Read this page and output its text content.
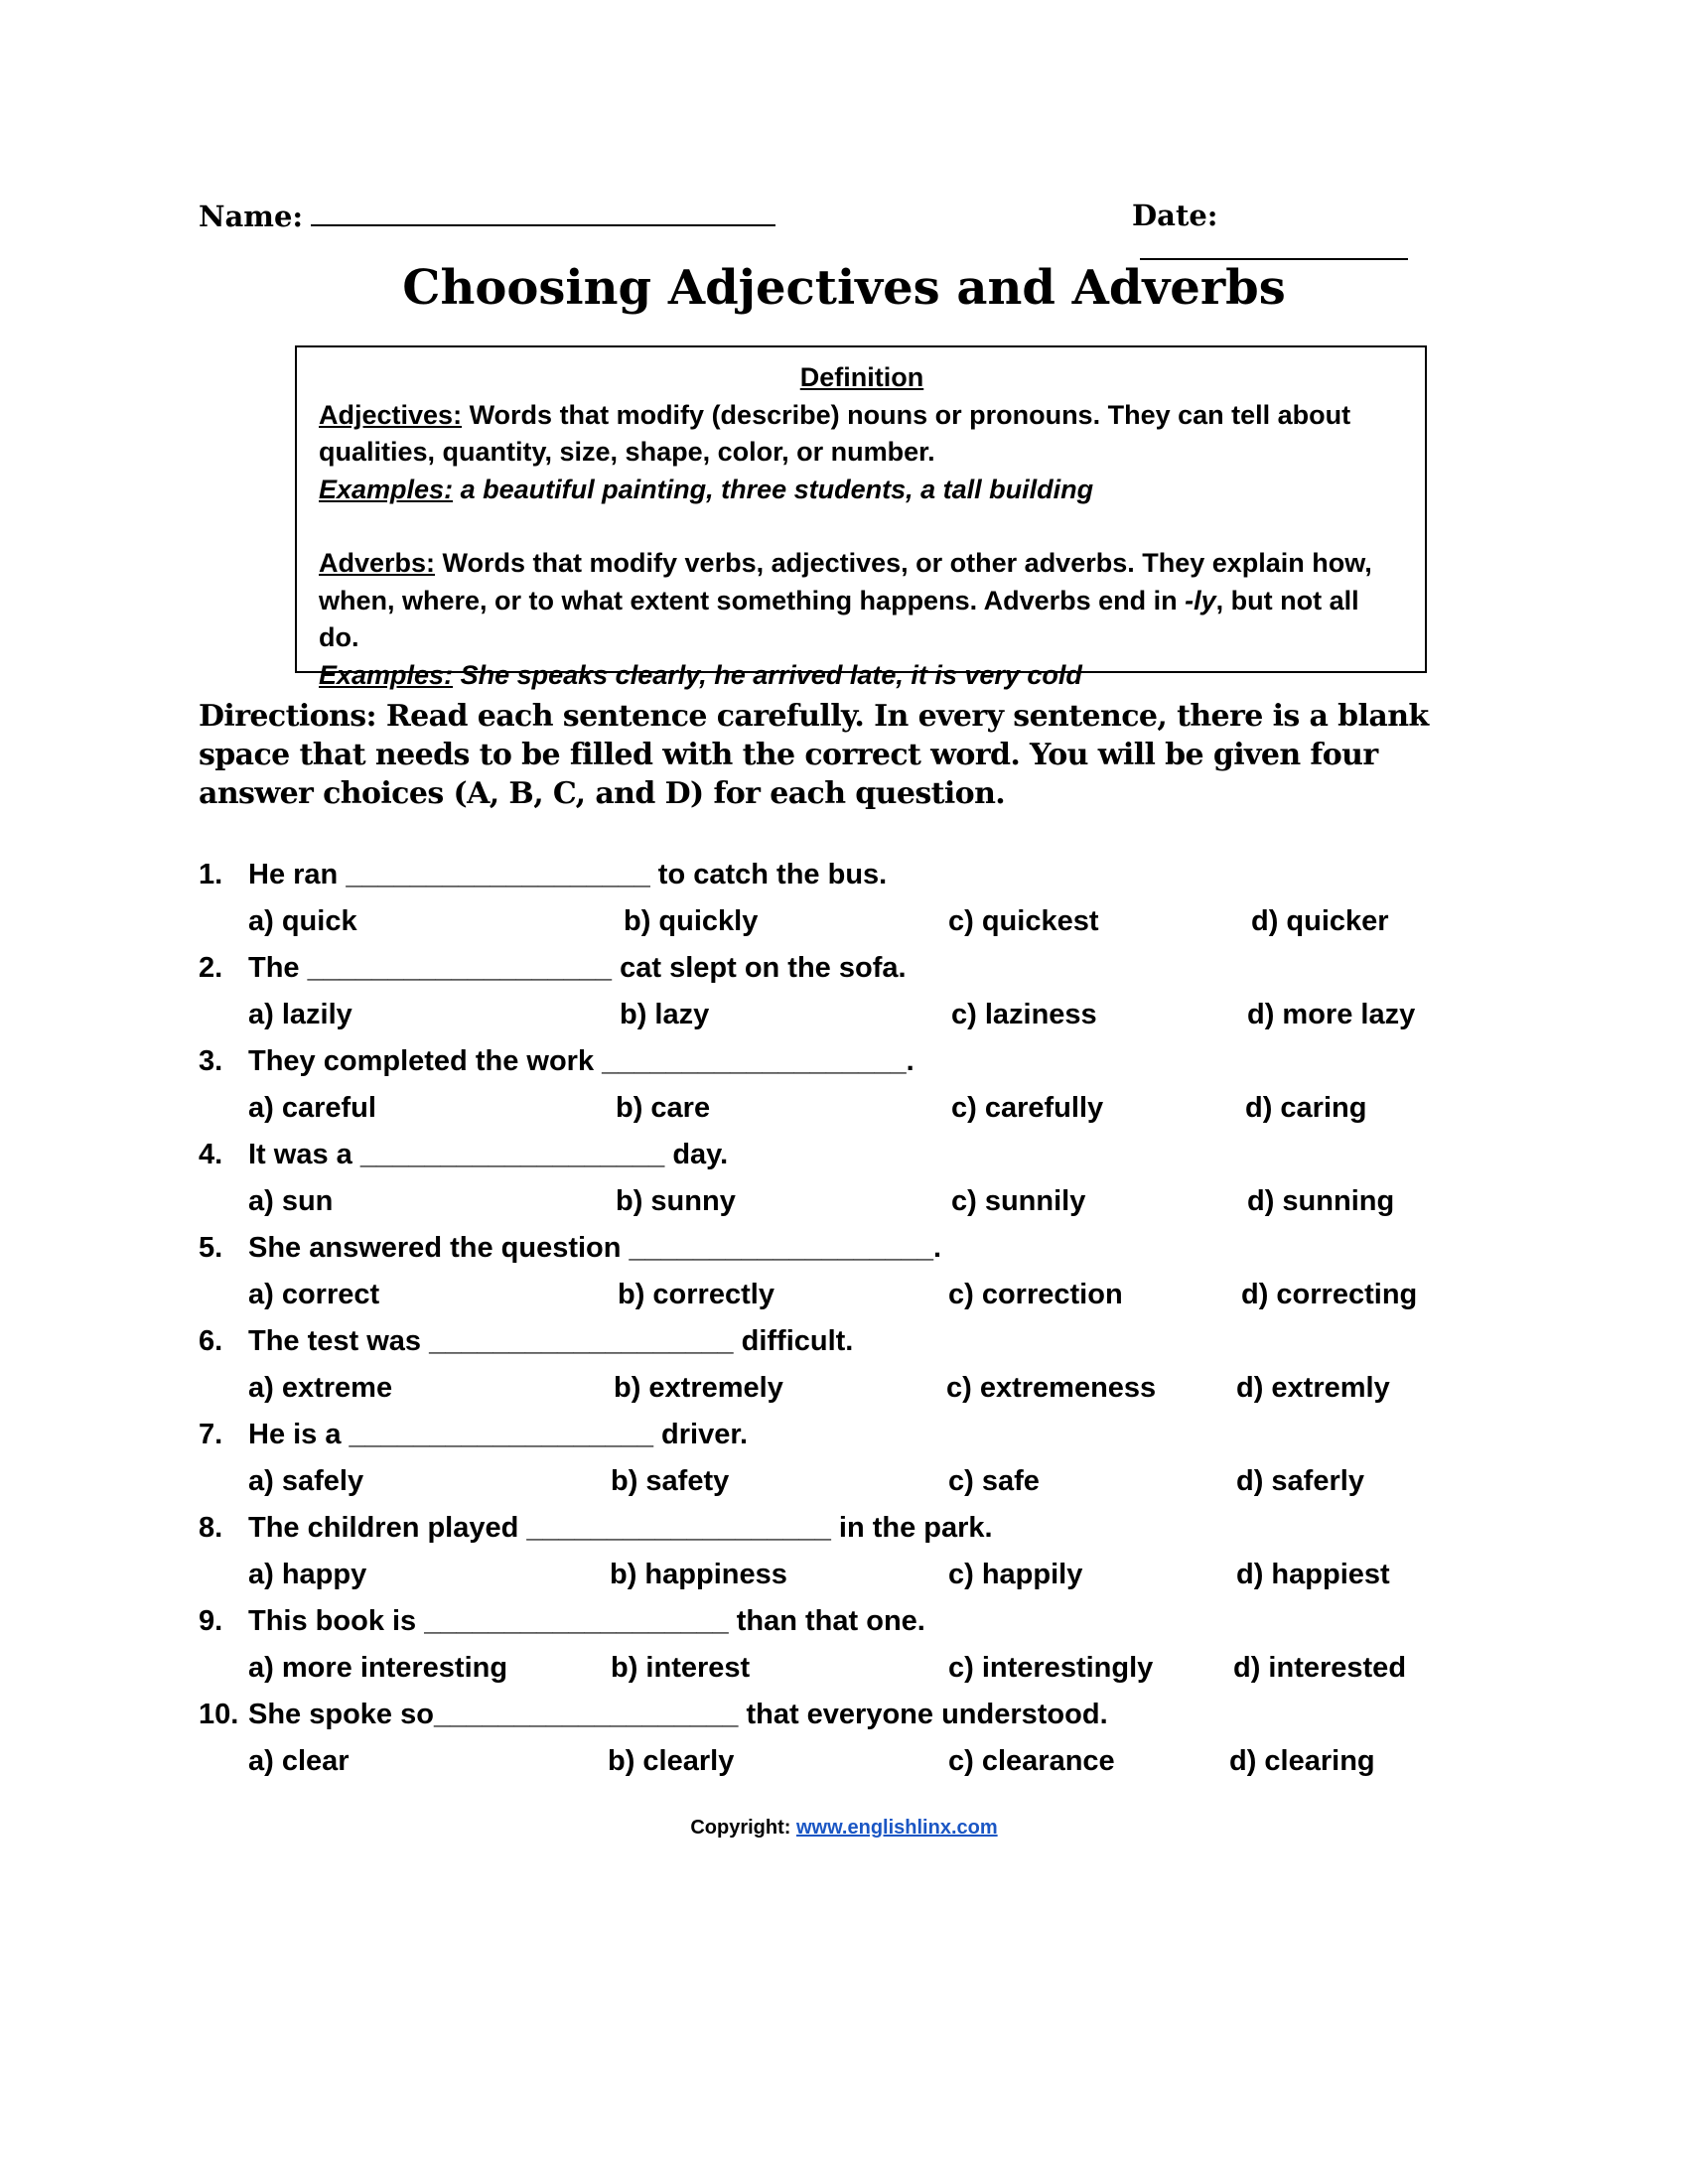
Name:	Date:
Choosing Adjectives and Adverbs
Definition
Adjectives: Words that modify (describe) nouns or pronouns. They can tell about
qualities, quantity, size, shape, color, or number.
Examples: a beautiful painting, three students, a tall building
Adverbs: Words that modify verbs, adjectives, or other adverbs. They explain how,
when, where, or to what extent something happens. Adverbs end in -ly, but not all do.
Examples: She speaks clearly, he arrived late, it is very cold
Directions: Read each sentence carefully. In every sentence, there is a blank space that needs to be filled with the correct word. You will be given four answer choices (A, B, C, and D) for each question.
1. He ran ___________________ to catch the bus.
a) quick	b) quickly	c) quickest	d) quicker
2. The ___________________ cat slept on the sofa.
a) lazily	b) lazy	c) laziness	d) more lazy
3. They completed the work ___________________.
a) careful	b) care	c) carefully	d) caring
4. It was a ___________________ day.
a) sun	b) sunny	c) sunnily	d) sunning
5. She answered the question ___________________.
a) correct	b) correctly	c) correction	d) correcting
6. The test was ___________________ difficult.
a) extreme	b) extremely	c) extremeness	d) extremly
7. He is a ___________________ driver.
a) safely	b) safety	c) safe	d) saferly
8. The children played ___________________ in the park.
a) happy	b) happiness	c) happily	d) happiest
9. This book is ___________________ than that one.
a) more interesting	b) interest	c) interestingly	d) interested
10. She spoke so___________________ that everyone understood.
a) clear	b) clearly	c) clearance	d) clearing
Copyright: www.englishlinx.com
